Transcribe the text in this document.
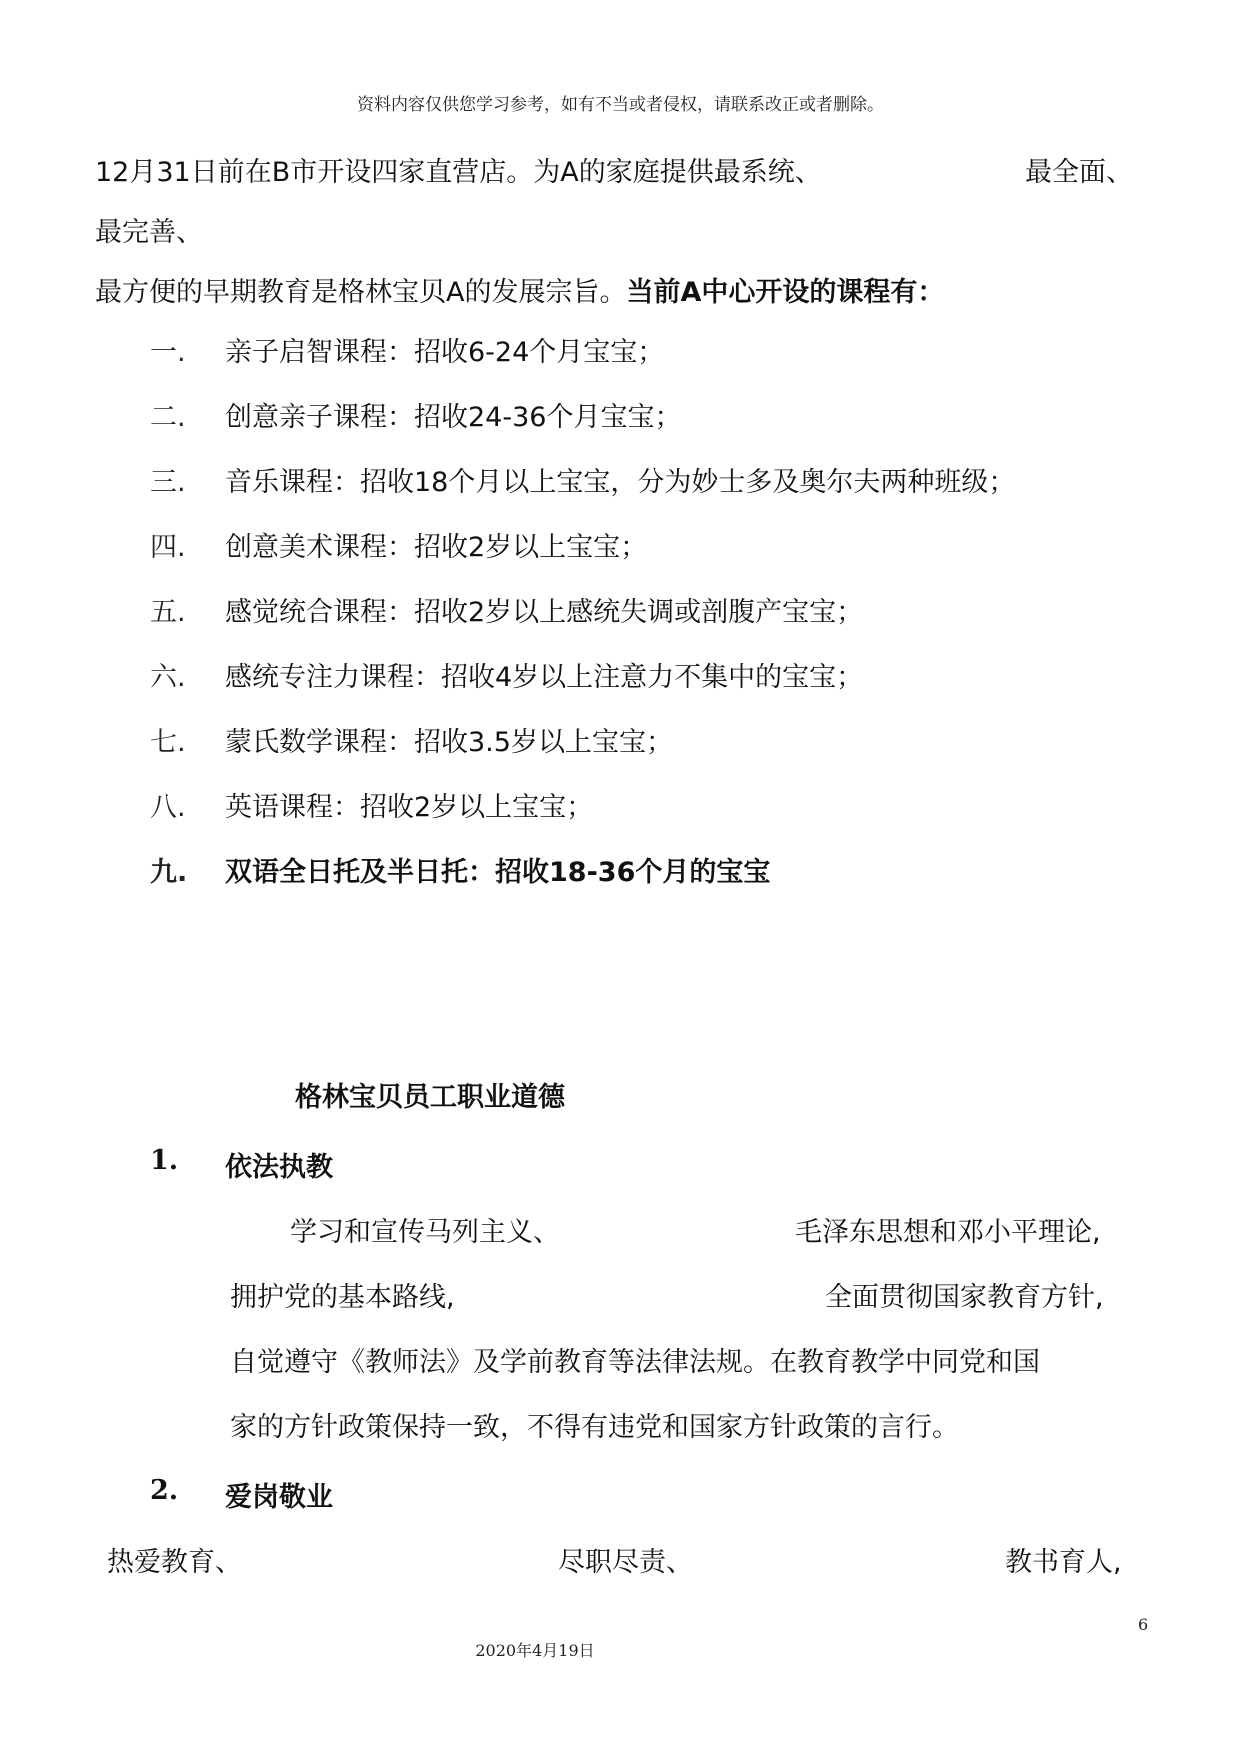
资料内容仅供您学习参考，如有不当或者侵权，请联系改正或者删除。
12月31日前在B市开设四家直营店。为A的家庭提供最系统、	最全面、
最完善、
最方便的早期教育是格林宝贝A的发展宗旨。当前A中心开设的课程有：
一. 亲子启智课程：招收6-24个月宝宝；
二. 创意亲子课程：招收24-36个月宝宝；
三. 音乐课程：招收18个月以上宝宝，分为妙士多及奥尔夫两种班级；
四. 创意美术课程：招收2岁以上宝宝；
五. 感觉统合课程：招收2岁以上感统失调或剖腹产宝宝；
六. 感统专注力课程：招收4岁以上注意力不集中的宝宝；
七. 蒙氏数学课程：招收3.5岁以上宝宝；
八. 英语课程：招收2岁以上宝宝；
九. 双语全日托及半日托：招收18-36个月的宝宝
格林宝贝员工职业道德
1. 依法执教
学习和宣传马列主义、	毛泽东思想和邓小平理论,
拥护党的基本路线,	全面贯彻国家教育方针,
自觉遵守《教师法》及学前教育等法律法规。在教育教学中同党和国
家的方针政策保持一致，不得有违党和国家方针政策的言行。
2. 爱岗敬业
热爱教育、	尽职尽责、	教书育人,
6
2020年4月19日
